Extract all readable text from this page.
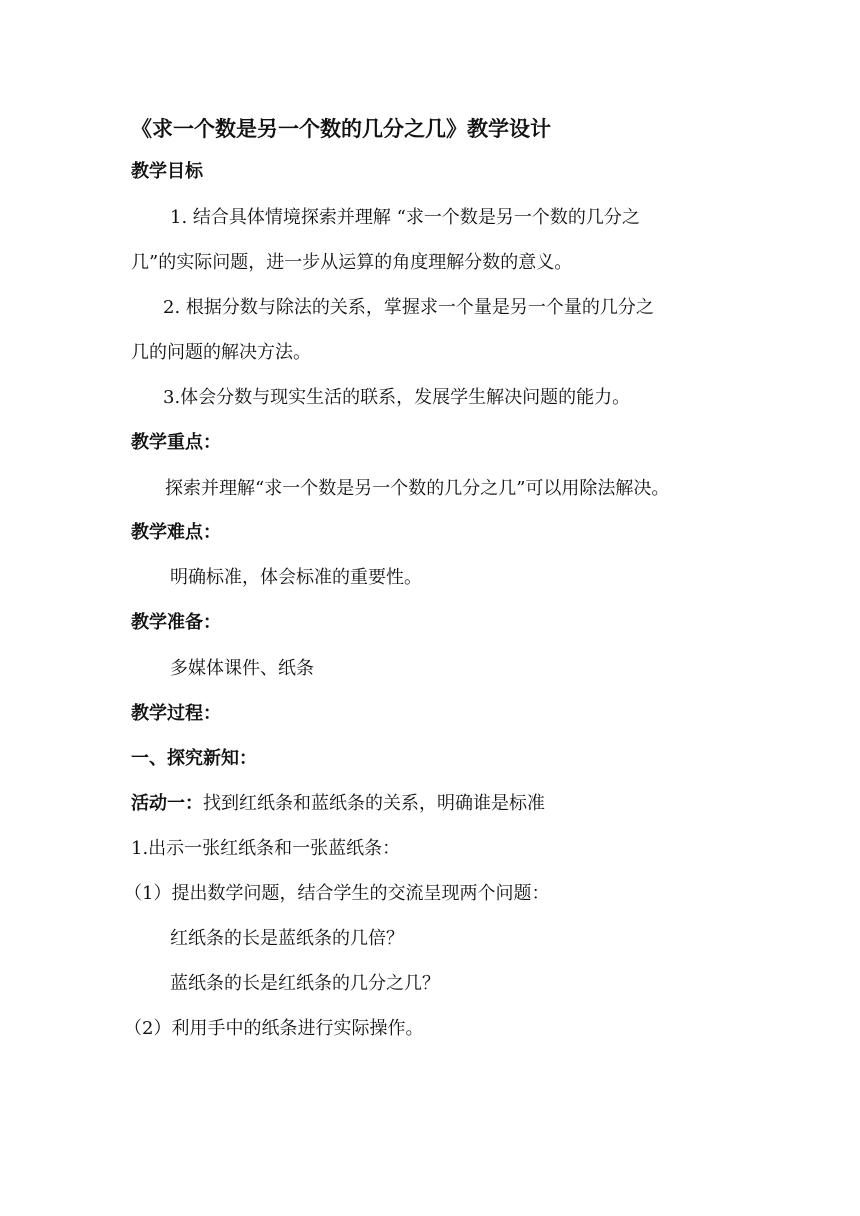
《求一个数是另一个数的几分之几》教学设计
教学目标
1. 结合具体情境探索并理解 “求一个数是另一个数的几分之
几”的实际问题，进一步从运算的角度理解分数的意义。
2. 根据分数与除法的关系，掌握求一个量是另一个量的几分之
几的问题的解决方法。
3.体会分数与现实生活的联系，发展学生解决问题的能力。
教学重点：
探索并理解“求一个数是另一个数的几分之几”可以用除法解决。
教学难点：
明确标准，体会标准的重要性。
教学准备：
多媒体课件、纸条
教学过程：
一、探究新知：
活动一：找到红纸条和蓝纸条的关系，明确谁是标准
1.出示一张红纸条和一张蓝纸条：
（1）提出数学问题，结合学生的交流呈现两个问题：
红纸条的长是蓝纸条的几倍？
蓝纸条的长是红纸条的几分之几？
（2）利用手中的纸条进行实际操作。
